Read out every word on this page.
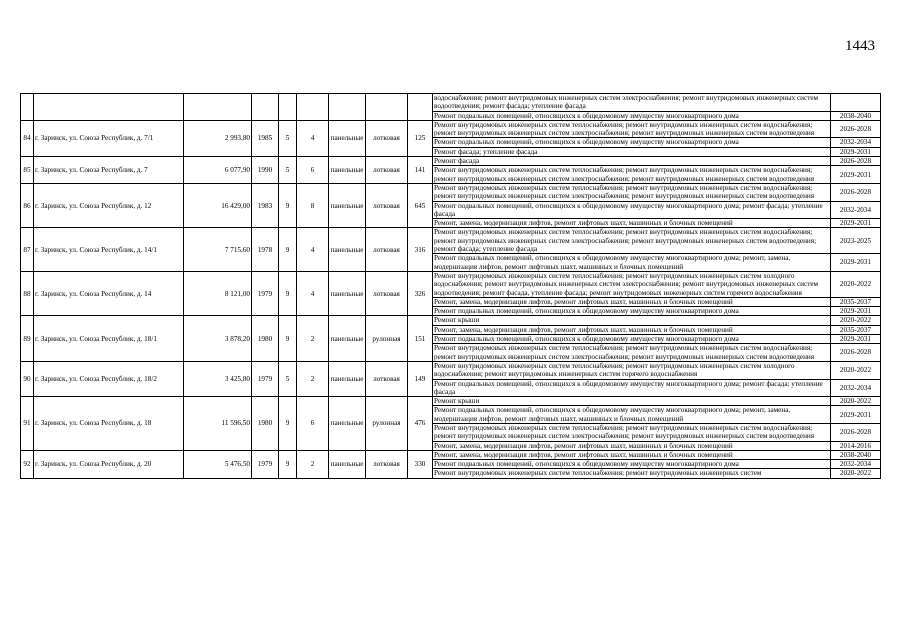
1443
									водоснабжения; ремонт внутридомовых инженерных систем электроснабжения; ремонт внутридомовых инженерных систем водоотведения; ремонт фасада; утепление фасада	
									Ремонт подвальных помещений, относящихся к общедомовому имуществу многоквартирного дома	2038-2040
84	г. Заринск, ул. Союза Республик, д. 7/1	2 993,80	1985	5	4	панельные	лотковая	125	Ремонт внутридомовых инженерных систем теплоснабжения; ремонт внутридомовых инженерных систем водоснабжения; ремонт внутридомовых инженерных систем электроснабжения; ремонт внутридомовых инженерных систем водоотведения	2026-2028
									Ремонт подвальных помещений, относящихся к общедомовому имуществу многоквартирного дома	2032-2034
									Ремонт фасада; утепление фасада	2029-2031
85	г. Заринск, ул. Союза Республик, д. 7	6 077,90	1990	5	6	панельные	лотковая	141	Ремонт фасада	2026-2028
									Ремонт внутридомовых инженерных систем теплоснабжения; ремонт внутридомовых инженерных систем водоснабжения; ремонт внутридомовых инженерных систем электроснабжения; ремонт внутридомовых инженерных систем водоотведения	2029-2031
86	г. Заринск, ул. Союза Республик, д. 12	16 429,00	1983	9	8	панельные	лотковая	645	Ремонт внутридомовых инженерных систем теплоснабжения; ремонт внутридомовых инженерных систем водоснабжения; ремонт внутридомовых инженерных систем электроснабжения; ремонт внутридомовых инженерных систем водоотведения	2026-2028
									Ремонт подвальных помещений, относящихся к общедомовому имуществу многоквартирного дома; ремонт фасада; утепление фасада	2032-2034
									Ремонт, замена, модернизация лифтов, ремонт лифтовых шахт, машинных и блочных помещений	2029-2031
87	г. Заринск, ул. Союза Республик, д. 14/1	7 715,60	1978	9	4	панельные	лотковая	316	Ремонт внутридомовых инженерных систем теплоснабжения; ремонт внутридомовых инженерных систем водоснабжения; ремонт внутридомовых инженерных систем электроснабжения; ремонт внутридомовых инженерных систем водоотведения; ремонт фасада; утепление фасада	2023-2025
									Ремонт подвальных помещений, относящихся к общедомовому имуществу многоквартирного дома; ремонт, замена, модернизация лифтов, ремонт лифтовых шахт, машинных и блочных помещений	2029-2031
88	г. Заринск, ул. Союза Республик, д. 14	8 121,00	1979	9	4	панельные	лотковая	326	Ремонт внутридомовых инженерных систем теплоснабжения; ремонт внутридомовых инженерных систем холодного водоснабжения; ремонт внутридомовых инженерных систем электроснабжения; ремонт внутридомовых инженерных систем водоотведения; ремонт фасада, утепление фасада; ремонт внутридомовых инженерных систем горячего водоснабжения	2020-2022
									Ремонт, замена, модернизация лифтов, ремонт лифтовых шахт, машинных и блочных помещений	2035-2037
									Ремонт подвальных помещений, относящихся к общедомовому имуществу многоквартирного дома	2029-2031
89	г. Заринск, ул. Союза Республик, д. 18/1	3 878,20	1980	9	2	панельные	рулонная	151	Ремонт крыши	2020-2022
									Ремонт, замена, модернизация лифтов, ремонт лифтовых шахт, машинных и блочных помещений	2035-2037
									Ремонт подвальных помещений, относящихся к общедомовому имуществу многоквартирного дома	2029-2031
									Ремонт внутридомовых инженерных систем теплоснабжения; ремонт внутридомовых инженерных систем водоснабжения; ремонт внутридомовых инженерных систем электроснабжения; ремонт внутридомовых инженерных систем водоотведения	2026-2028
90	г. Заринск, ул. Союза Республик, д. 18/2	3 425,80	1979	5	2	панельные	лотковая	149	Ремонт внутридомовых инженерных систем теплоснабжения; ремонт внутридомовых инженерных систем холодного водоснабжения; ремонт внутридомовых инженерных систем горячего водоснабжения	2020-2022
									Ремонт подвальных помещений, относящихся к общедомовому имуществу многоквартирного дома; ремонт фасада; утепление фасада	2032-2034
91	г. Заринск, ул. Союза Республик, д. 18	11 596,50	1980	9	6	панельные	рулонная	476	Ремонт крыши	2020-2022
									Ремонт подвальных помещений, относящихся к общедомовому имуществу многоквартирного дома; ремонт, замена, модернизация лифтов, ремонт лифтовых шахт, машинных и блочных помещений	2029-2031
									Ремонт внутридомовых инженерных систем теплоснабжения; ремонт внутридомовых инженерных систем водоснабжения; ремонт внутридомовых инженерных систем электроснабжения; ремонт внутридомовых инженерных систем водоотведения	2026-2028
									Ремонт, замена, модернизация лифтов, ремонт лифтовых шахт, машинных и блочных помещений	2014-2016
92	г. Заринск, ул. Союза Республик, д. 20	5 476,50	1979	9	2	панельные	лотковая	330	Ремонт, замена, модернизация лифтов, ремонт лифтовых шахт, машинных и блочных помещений	2038-2040
									Ремонт подвальных помещений, относящихся к общедомовому имуществу многоквартирного дома	2032-2034
									Ремонт внутридомовых инженерных систем теплоснабжения; ремонт внутридомовых инженерных систем	2020-2022
